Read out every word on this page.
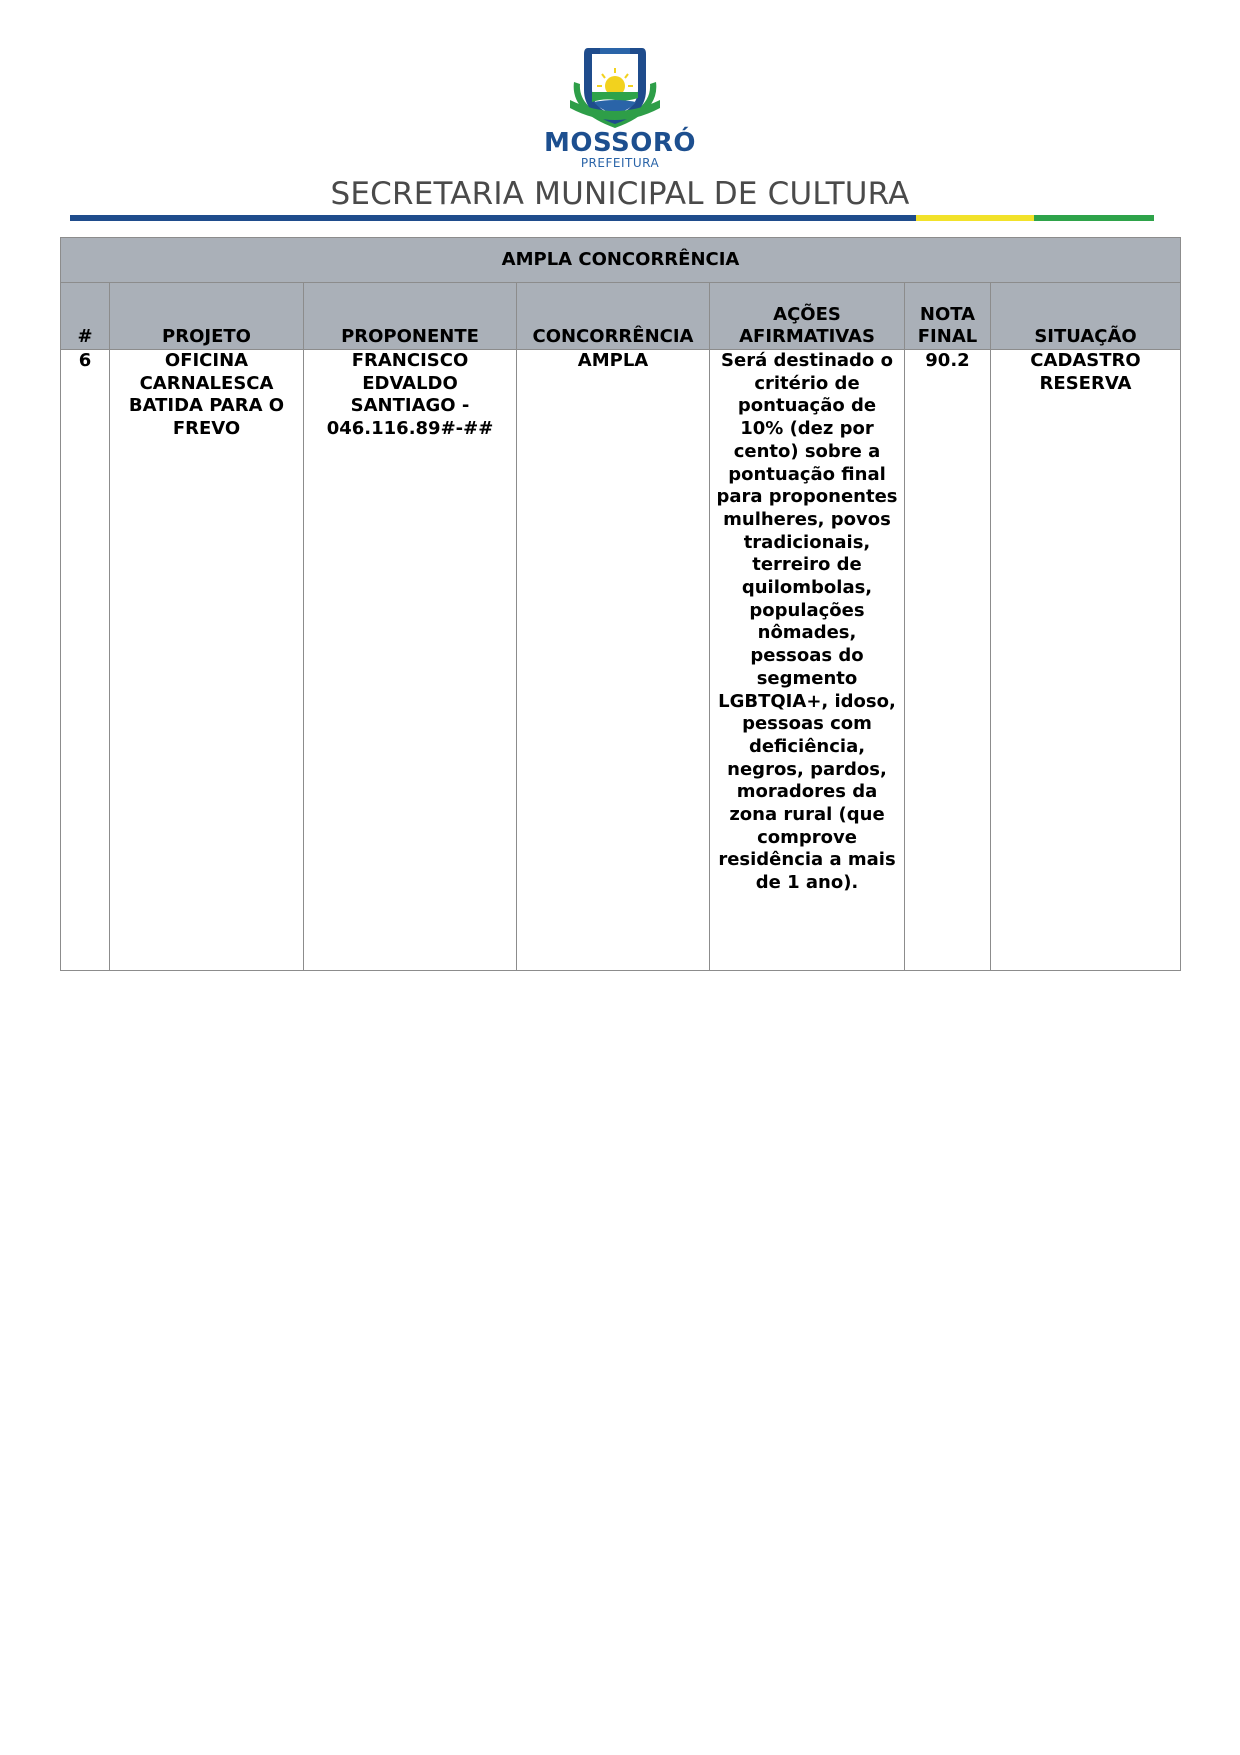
MOSSORÓ
PREFEITURA
SECRETARIA MUNICIPAL DE CULTURA
AMPLA CONCORRÊNCIA						
#	PROJETO	PROPONENTE	CONCORRÊNCIA	AÇÕES AFIRMATIVAS	NOTA FINAL	SITUAÇÃO
6	OFICINA CARNALESCA BATIDA PARA O FREVO	FRANCISCO EDVALDO SANTIAGO - 046.116.89#-##	AMPLA	Será destinado o critério de pontuação de 10% (dez por cento) sobre a pontuação final para proponentes mulheres, povos tradicionais, terreiro de quilombolas, populações nômades, pessoas do segmento LGBTQIA+, idoso, pessoas com deficiência, negros, pardos, moradores da zona rural (que comprove residência a mais de 1 ano).	90.2	CADASTRO RESERVA
